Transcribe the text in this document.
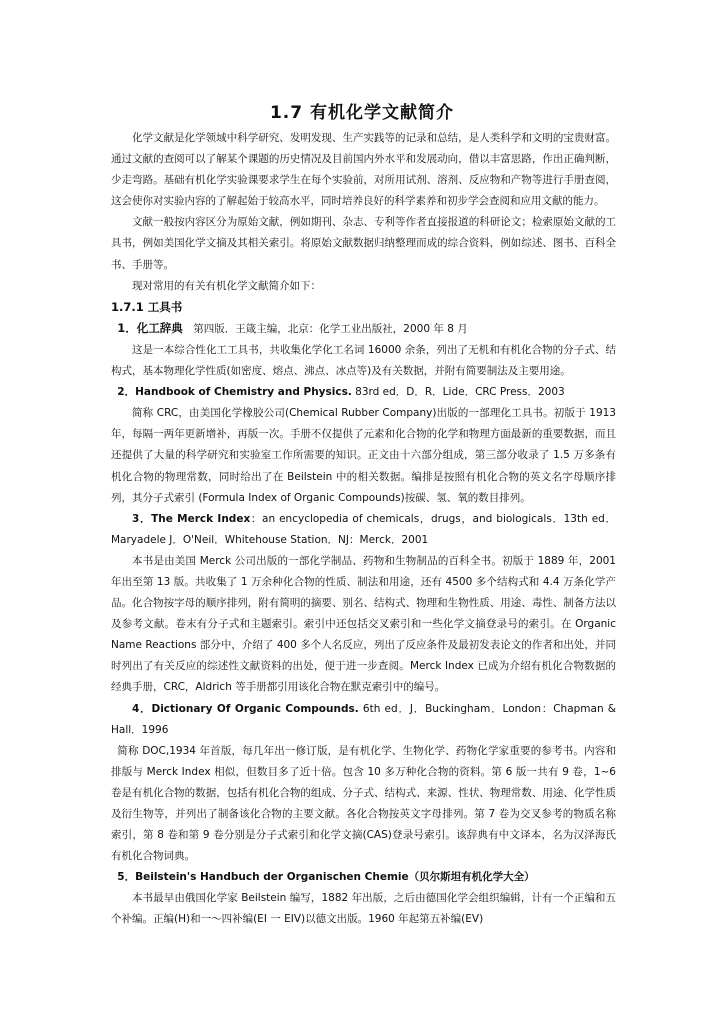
1.7 有机化学文献简介

化学文献是化学领域中科学研究、发明发现、生产实践等的记录和总结，是人类科学和文明的宝贵财富。通过文献的查阅可以了解某个课题的历史情况及目前国内外水平和发展动向，借以丰富思路，作出正确判断，少走弯路。基础有机化学实验课要求学生在每个实验前，对所用试剂、溶剂、反应物和产物等进行手册查阅，这会使你对实验内容的了解起始于较高水平，同时培养良好的科学素养和初步学会查阅和应用文献的能力。

文献一般按内容区分为原始文献，例如期刊、杂志、专利等作者直接报道的科研论文；检索原始文献的工具书，例如美国化学文摘及其相关索引。将原始文献数据归纳整理而成的综合资料，例如综述、图书、百科全书、手册等。

现对常用的有关有机化学文献简介如下：

1.7.1 工具书

1．化工辞典　第四版．王箴主编，北京：化学工业出版社，2000 年 8 月

这是一本综合性化工工具书，共收集化学化工名词 16000 余条，列出了无机和有机化合物的分子式、结构式，基本物理化学性质(如密度、熔点、沸点、冰点等)及有关数据，并附有简要制法及主要用途。

2．Handbook of Chemistry and Physics. 83rd ed．D．R．Lide．CRC Press．2003

简称 CRC，由美国化学橡胶公司(Chemical Rubber Company)出版的一部理化工具书。初版于 1913 年，每隔一两年更新增补，再版一次。手册不仅提供了元素和化合物的化学和物理方面最新的重要数据，而且还提供了大量的科学研究和实验室工作所需要的知识。正文由十六部分组成，第三部分收录了 1.5 万多条有机化合物的物理常数，同时给出了在 Beilstein 中的相关数据。编排是按照有机化合物的英文名字母顺序排列，其分子式索引 (Formula Index of Organic Compounds)按碳、氢、氧的数目排列。

3．The Merck Index：an encyclopedia of chemicals，drugs，and biologicals．13th ed．Maryadele J．O'Neil．Whitehouse Station．NJ：Merck．2001

本书是由美国 Merck 公司出版的一部化学制品、药物和生物制品的百科全书。初版于 1889 年，2001 年出至第 13 版。共收集了 1 万余种化合物的性质、制法和用途，还有 4500 多个结构式和 4.4 万条化学产品。化合物按字母的顺序排列，附有简明的摘要、别名、结构式、物理和生物性质、用途、毒性、制备方法以及参考文献。卷末有分子式和主题索引。索引中还包括交叉索引和一些化学文摘登录号的索引。在 Organic Name Reactions 部分中，介绍了 400 多个人名反应，列出了反应条件及最初发表论文的作者和出处，并同时列出了有关反应的综述性文献资料的出处，便于进一步查阅。Merck Index 已成为介绍有机化合物数据的经典手册，CRC，Aldrich 等手册都引用该化合物在默克索引中的编号。

4．Dictionary Of Organic Compounds. 6th ed．J．Buckingham．London：Chapman & Hall．1996

简称 DOC,1934 年首版，每几年出一修订版，是有机化学、生物化学、药物化学家重要的参考书。内容和排版与 Merck Index 相似，但数目多了近十倍。包含 10 多万种化合物的资料。第 6 版一共有 9 卷，1~6 卷是有机化合物的数据，包括有机化合物的组成、分子式、结构式、来源、性状、物理常数、用途、化学性质及衍生物等，并列出了制备该化合物的主要文献。各化合物按英文字母排列。第 7 卷为交叉参考的物质名称索引，第 8 卷和第 9 卷分别是分子式索引和化学文摘(CAS)登录号索引。该辞典有中文译本，名为汉泽海氏有机化合物词典。

5．Beilstein's Handbuch der Organischen Chemie（贝尔斯坦有机化学大全）

本书最早由俄国化学家 Beilstein 编写，1882 年出版，之后由德国化学会组织编辑，计有一个正编和五个补编。正编(H)和一～四补编(EI 一 EIV)以德文出版。1960 年起第五补编(EV)
